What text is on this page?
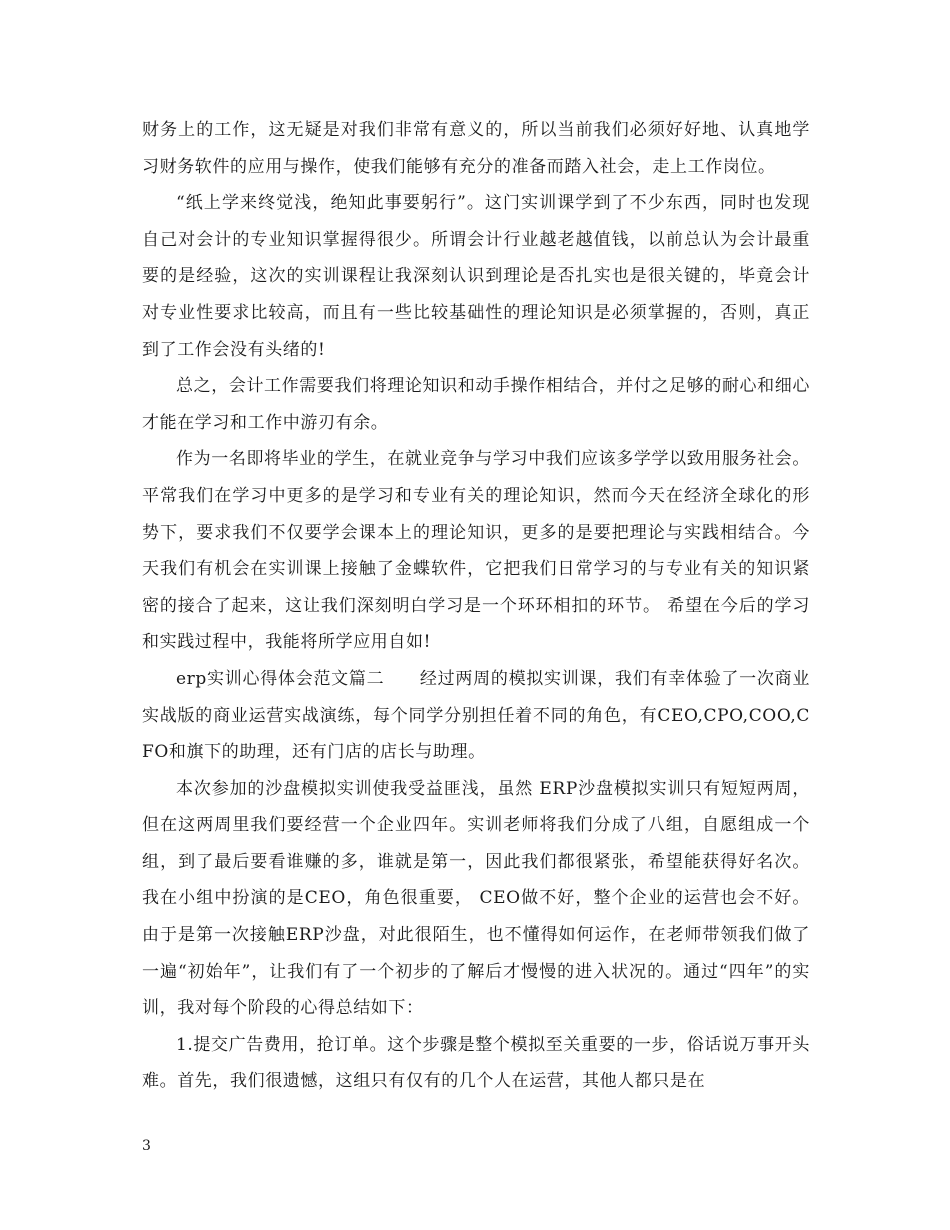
财务上的工作，这无疑是对我们非常有意义的，所以当前我们必须好好地、认真地学习财务软件的应用与操作，使我们能够有充分的准备而踏入社会，走上工作岗位。

“纸上学来终觉浅，绝知此事要躬行”。这门实训课学到了不少东西，同时也发现自己对会计的专业知识掌握得很少。所谓会计行业越老越值钱，以前总认为会计最重要的是经验，这次的实训课程让我深刻认识到理论是否扎实也是很关键的，毕竟会计对专业性要求比较高，而且有一些比较基础性的理论知识是必须掌握的，否则，真正到了工作会没有头绪的!

总之，会计工作需要我们将理论知识和动手操作相结合，并付之足够的耐心和细心才能在学习和工作中游刃有余。

作为一名即将毕业的学生，在就业竞争与学习中我们应该多学学以致用服务社会。平常我们在学习中更多的是学习和专业有关的理论知识，然而今天在经济全球化的形势下，要求我们不仅要学会课本上的理论知识，更多的是要把理论与实践相结合。今天我们有机会在实训课上接触了金蝶软件，它把我们日常学习的与专业有关的知识紧密的接合了起来，这让我们深刻明白学习是一个环环相扣的环节。 希望在今后的学习和实践过程中，我能将所学应用自如!

erp实训心得体会范文篇二　　经过两周的模拟实训课，我们有幸体验了一次商业实战版的商业运营实战演练，每个同学分别担任着不同的角色，有CEO,CPO,COO,CFO和旗下的助理，还有门店的店长与助理。

本次参加的沙盘模拟实训使我受益匪浅，虽然 ERP沙盘模拟实训只有短短两周，但在这两周里我们要经营一个企业四年。实训老师将我们分成了八组，自愿组成一个组，到了最后要看谁赚的多，谁就是第一，因此我们都很紧张，希望能获得好名次。我在小组中扮演的是CEO，角色很重要， CEO做不好，整个企业的运营也会不好。由于是第一次接触ERP沙盘，对此很陌生，也不懂得如何运作，在老师带领我们做了一遍“初始年”，让我们有了一个初步的了解后才慢慢的进入状况的。通过“四年”的实训，我对每个阶段的心得总结如下：

1.提交广告费用，抢订单。这个步骤是整个模拟至关重要的一步，俗话说万事开头难。首先，我们很遗憾，这组只有仅有的几个人在运营，其他人都只是在

3
